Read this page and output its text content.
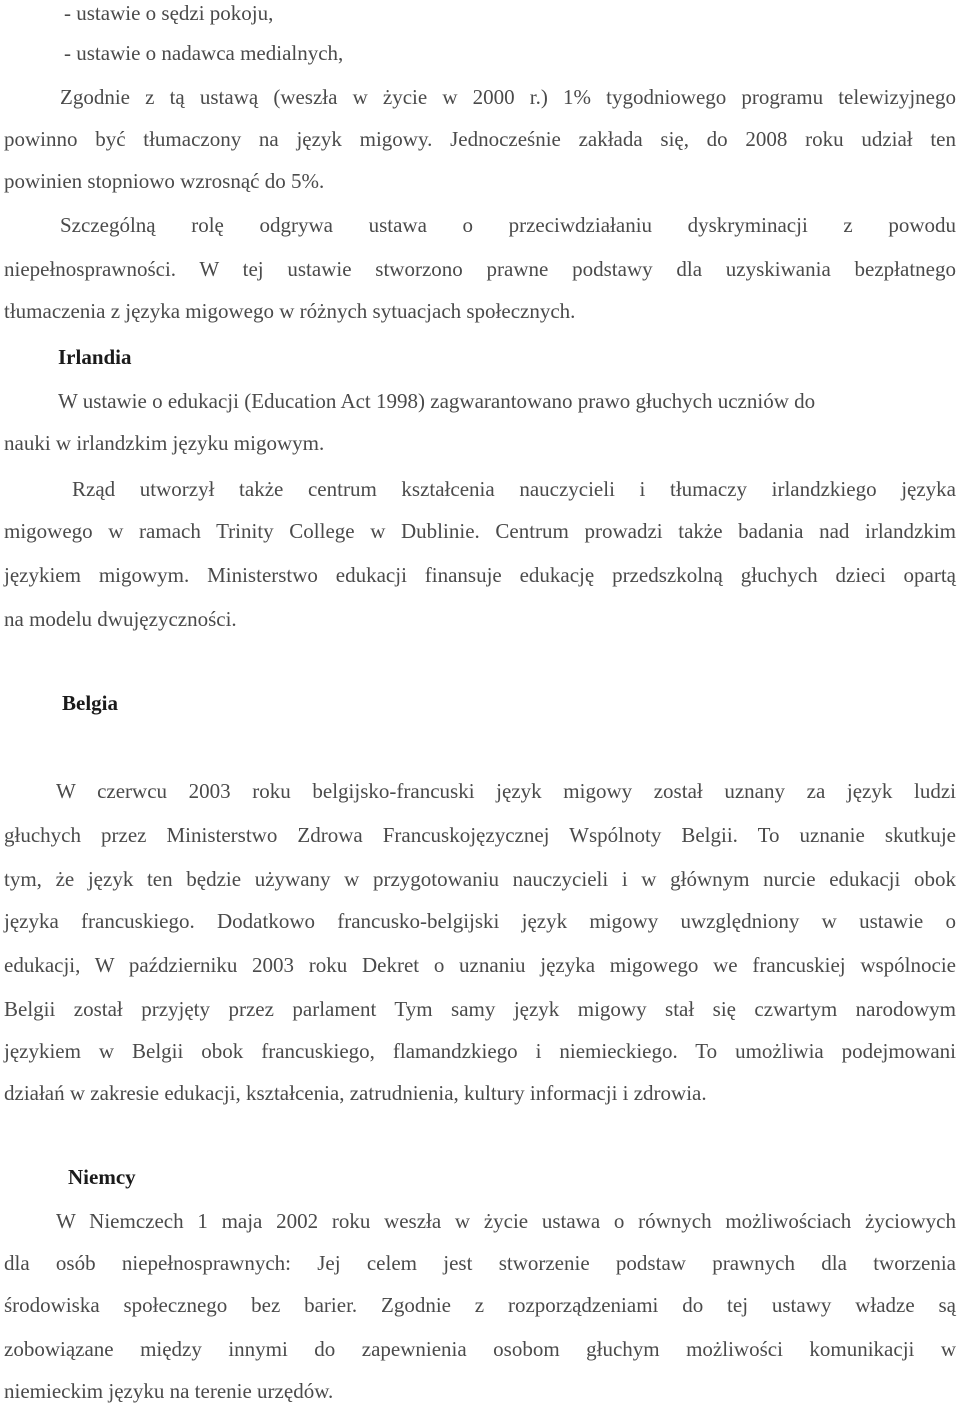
- ustawie o sędzi pokoju,
- ustawie o nadawca medialnych,
Zgodnie z tą ustawą (weszła w życie w 2000 r.) 1% tygodniowego programu telewizyjnego
powinno być tłumaczony na język migowy. Jednocześnie zakłada się, do 2008 roku udział ten
powinien stopniowo wzrosnąć do 5%.
Szczególną rolę odgrywa ustawa o przeciwdziałaniu dyskryminacji z powodu
niepełnosprawności. W tej ustawie stworzono prawne podstawy dla uzyskiwania bezpłatnego
tłumaczenia z języka migowego w różnych sytuacjach społecznych.
Irlandia
W ustawie o edukacji (Education Act 1998) zagwarantowano prawo głuchych uczniów do
nauki w irlandzkim języku migowym.
Rząd utworzył także centrum kształcenia nauczycieli i tłumaczy irlandzkiego języka
migowego w ramach Trinity College w Dublinie. Centrum prowadzi także badania nad irlandzkim
językiem migowym. Ministerstwo edukacji finansuje edukację przedszkolną głuchych dzieci opartą
na modelu dwujęzyczności.
Belgia
W czerwcu 2003 roku belgijsko-francuski język migowy został uznany za język ludzi
głuchych przez Ministerstwo Zdrowa Francuskojęzycznej Wspólnoty Belgii. To uznanie skutkuje
tym, że język ten będzie używany w przygotowaniu nauczycieli i w głównym nurcie edukacji obok
języka francuskiego. Dodatkowo francusko-belgijski język migowy uwzględniony w ustawie o
edukacji, W październiku 2003 roku Dekret o uznaniu języka migowego we francuskiej wspólnocie
Belgii został przyjęty przez parlament Tym samy język migowy stał się czwartym narodowym
językiem w Belgii obok francuskiego, flamandzkiego i niemieckiego. To umożliwia podejmowani
działań w zakresie edukacji, kształcenia, zatrudnienia, kultury informacji i zdrowia.
Niemcy
W Niemczech 1 maja 2002 roku weszła w życie ustawa o równych możliwościach życiowych
dla osób niepełnosprawnych: Jej celem jest stworzenie podstaw prawnych dla tworzenia
środowiska społecznego bez barier. Zgodnie z rozporządzeniami do tej ustawy władze są
zobowiązane między innymi do zapewnienia osobom głuchym możliwości komunikacji w
niemieckim języku na terenie urzędów.
